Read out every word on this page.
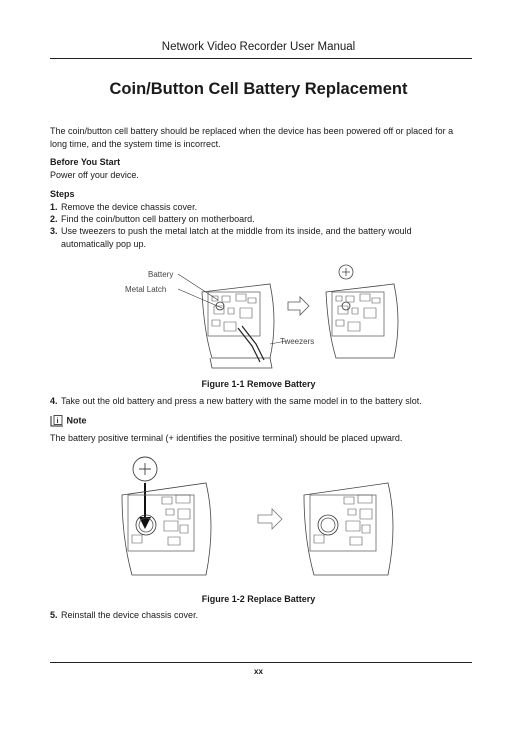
Network Video Recorder User Manual
Coin/Button Cell Battery Replacement
The coin/button cell battery should be replaced when the device has been powered off or placed for a long time, and the system time is incorrect.
Before You Start
Power off your device.
Steps
1. Remove the device chassis cover.
2. Find the coin/button cell battery on motherboard.
3. Use tweezers to push the metal latch at the middle from its inside, and the battery would
automatically pop up.
Battery
Metal Latch
Tweezers
Figure 1-1 Remove Battery
4. Take out the old battery and press a new battery with the same model in to the battery slot.
i Note
The battery positive terminal (+ identifies the positive terminal) should be placed upward.
Figure 1-2 Replace Battery
5. Reinstall the device chassis cover.
xx
